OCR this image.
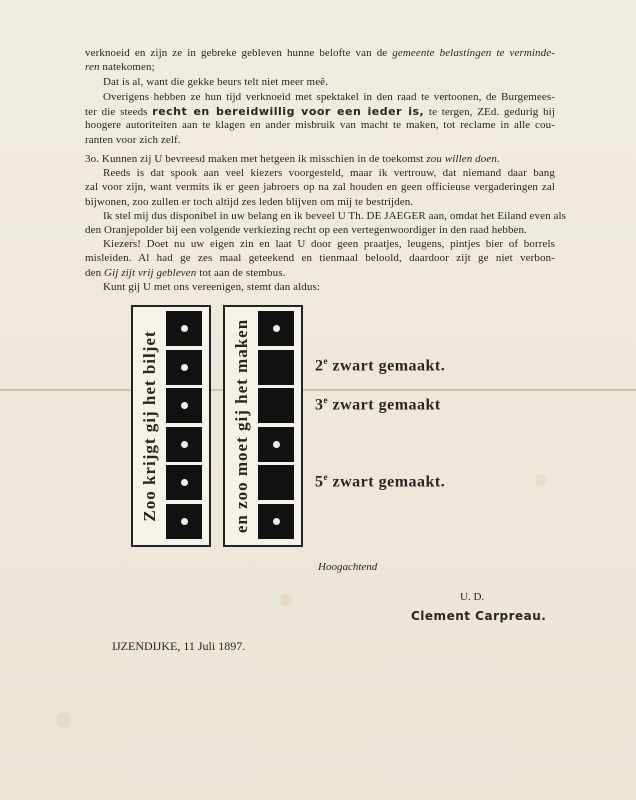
verknoeid en zijn ze in gebreke gebleven hunne belofte van de gemeente belastingen te verminde-
ren natekomen;
Dat is al, want die gekke beurs telt niet meer meê.
Overigens hebben ze hun tijd verknoeid met spektakel in den raad te vertoonen, de Burgemees-
ter die steeds recht en bereidwillig voor een ieder is, te tergen, ZEd. gedurig bij
hoogere autoriteiten aan te klagen en ander misbruik van macht te maken, tot reclame in alle cou-
ranten voor zich zelf.
3o. Kunnen zij U bevreesd maken met hetgeen ik misschien in de toekomst zou willen doen.
Reeds is dat spook aan veel kiezers voorgesteld, maar ik vertrouw, dat niemand daar bang
zal voor zijn, want vermits ik er geen jabroers op na zal houden en geen officieuse vergaderingen zal
bijwonen, zoo zullen er toch altijd zes leden blijven om mij te bestrijden.
Ik stel mij dus disponibel in uw belang en ik beveel U Th. DE JAEGER aan, omdat het Eiland even als
den Oranjepolder bij een volgende verkiezing recht op een vertegenwoordiger in den raad hebben.
Kiezers! Doet nu uw eigen zin en laat U door geen praatjes, leugens, pintjes bier of borrels
misleiden. Al had ge zes maal geteekend en tienmaal beloold, daardoor zijt ge niet verbon-
den Gij zijt vrij gebleven tot aan de stembus.
Kunt gij U met ons vereenigen, stemt dan aldus:
Zoo krijgt gij het biljet	en zoo moet gij het maken	2e zwart gemaakt.
3e zwart gemaakt
5e zwart gemaakt.
Hoogachtend
U. D.
Clement Carpreau.
IJZENDIJKE, 11 Juli 1897.
